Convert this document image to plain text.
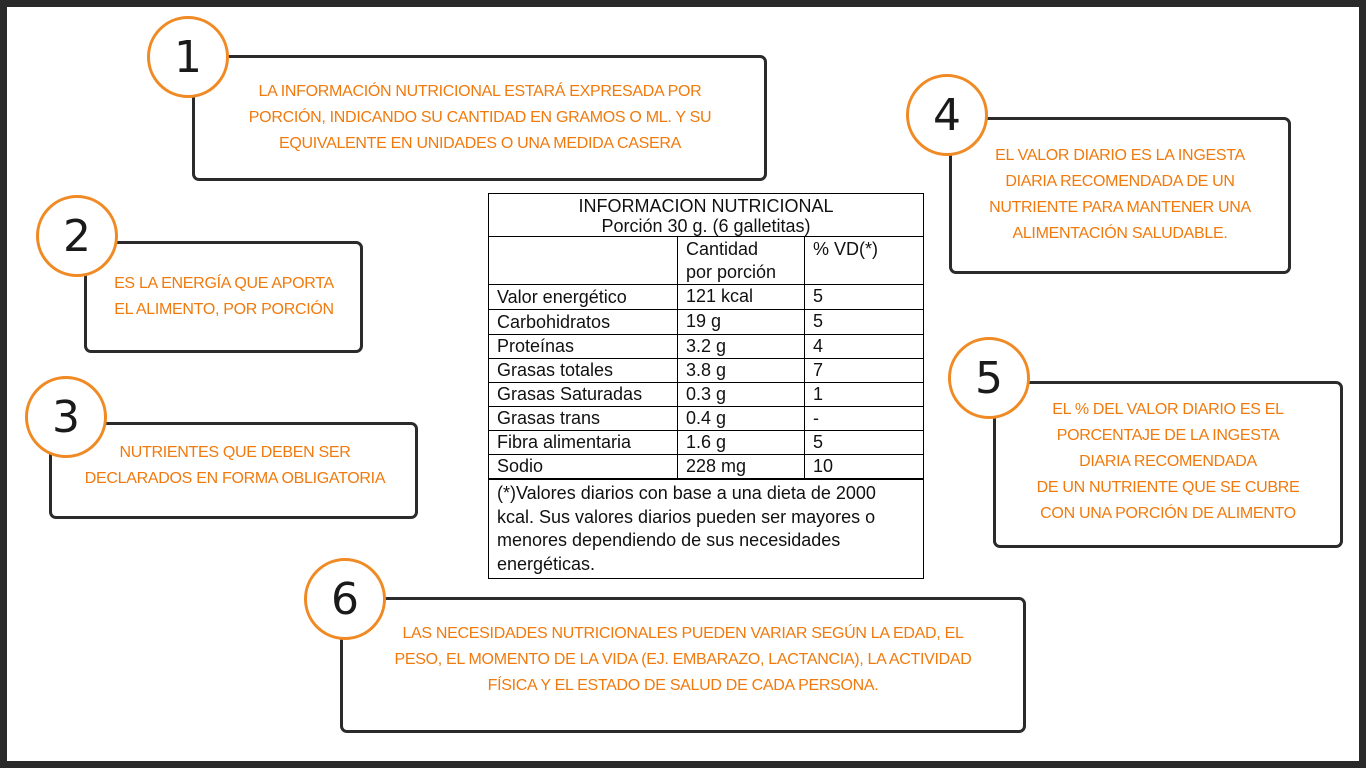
LA INFORMACIÓN NUTRICIONAL ESTARÁ EXPRESADA POR
PORCIÓN, INDICANDO SU CANTIDAD EN GRAMOS O ML. Y SU
EQUIVALENTE EN UNIDADES O UNA MEDIDA CASERA
1
ES LA ENERGÍA QUE APORTA
EL ALIMENTO, POR PORCIÓN
2
NUTRIENTES QUE DEBEN SER
DECLARADOS EN FORMA OBLIGATORIA
3
EL VALOR DIARIO ES LA INGESTA
DIARIA RECOMENDADA DE UN
NUTRIENTE PARA MANTENER UNA
ALIMENTACIÓN SALUDABLE.
4
EL % DEL VALOR DIARIO ES EL
PORCENTAJE DE LA INGESTA
DIARIA RECOMENDADA
DE UN NUTRIENTE QUE SE CUBRE
CON UNA PORCIÓN DE ALIMENTO
5
INFORMACION NUTRICIONAL
Porción 30 g. (6 galletitas)

	Cantidad
por porción	% VD(*)
Valor energético	121 kcal	5
Carbohidratos	19 g	5
Proteínas	3.2 g	4
Grasas totales	3.8 g	7
Grasas Saturadas	0.3 g	1
Grasas trans	0.4 g	-
Fibra alimentaria	1.6 g	5
Sodio	228 mg	10
(*)Valores diarios con base a una dieta de 2000 kcal. Sus valores diarios pueden ser mayores o menores dependiendo de sus necesidades energéticas.
LAS NECESIDADES NUTRICIONALES PUEDEN VARIAR SEGÚN LA EDAD, EL
PESO, EL MOMENTO DE LA VIDA (EJ. EMBARAZO, LACTANCIA), LA ACTIVIDAD
FÍSICA Y EL ESTADO DE SALUD DE CADA PERSONA.
6
